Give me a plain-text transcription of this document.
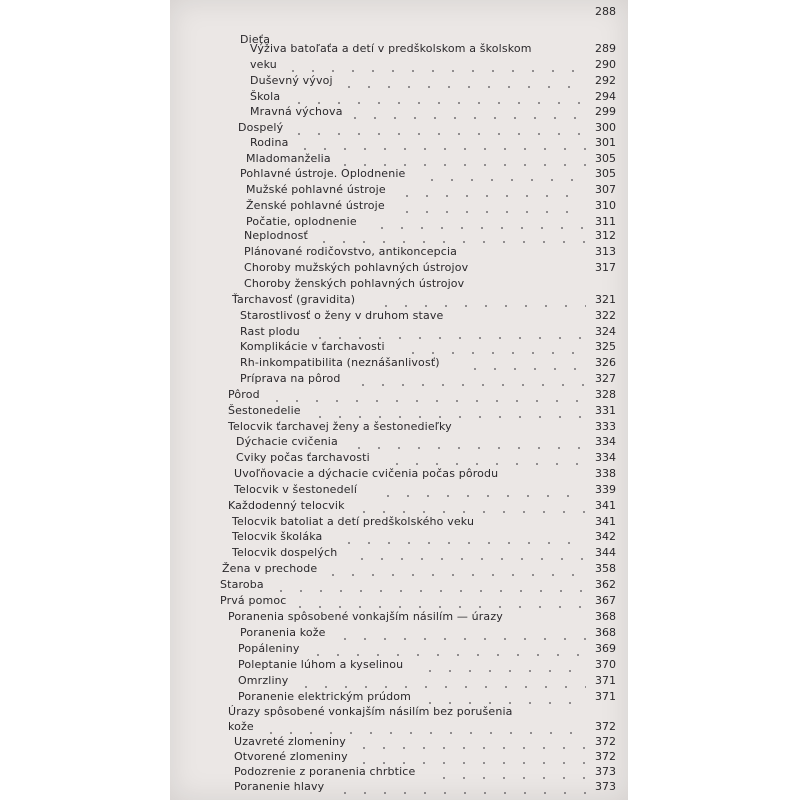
288
Dieťa
Výživa batoľaťa a detí v predškolskom a školskom	289
veku	290
Duševný vývoj	292
Škola	294
Mravná výchova	299
Dospelý	300
Rodina	301
Mladomanželia	305
Pohlavné ústroje. Oplodnenie	305
Mužské pohlavné ústroje	307
Ženské pohlavné ústroje	310
Počatie, oplodnenie	311
Neplodnosť	312
Plánované rodičovstvo, antikoncepcia	313
Choroby mužských pohlavných ústrojov	317
Choroby ženských pohlavných ústrojov
Ťarchavosť (gravidita)	321
Starostlivosť o ženy v druhom stave	322
Rast plodu	324
Komplikácie v ťarchavosti	325
Rh-inkompatibilita (neznášanlivosť)	326
Príprava na pôrod	327
Pôrod	328
Šestonedelie	331
Telocvik ťarchavej ženy a šestonedieľky	333
Dýchacie cvičenia	334
Cviky počas ťarchavosti	334
Uvoľňovacie a dýchacie cvičenia počas pôrodu	338
Telocvik v šestonedelí	339
Každodenný telocvik	341
Telocvik batoliat a detí predškolského veku	341
Telocvik školáka	342
Telocvik dospelých	344
Žena v prechode	358
Staroba	362
Prvá pomoc	367
Poranenia spôsobené vonkajším násilím — úrazy	368
Poranenia kože	368
Popáleniny	369
Poleptanie lúhom a kyselinou	370
Omrzliny	371
Poranenie elektrickým prúdom	371
Úrazy spôsobené vonkajším násilím bez porušenia
kože	372
Uzavreté zlomeniny	372
Otvorené zlomeniny	372
Podozrenie z poranenia chrbtice	373
Poranenie hlavy	373
